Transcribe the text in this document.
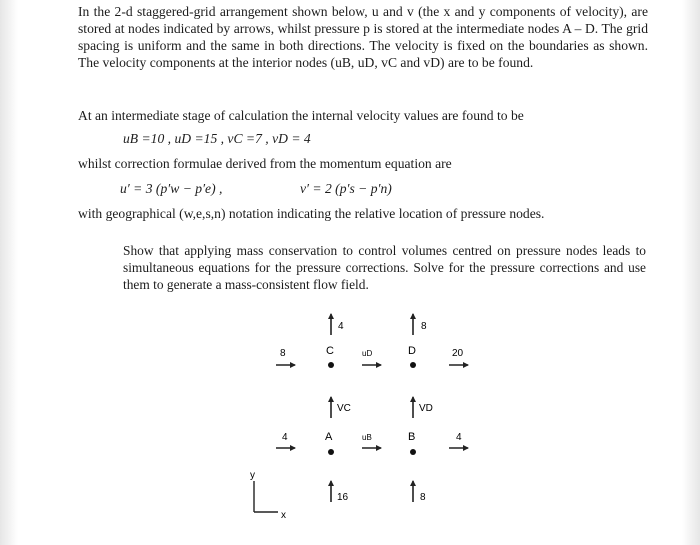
In the 2-d staggered-grid arrangement shown below, u and v (the x and y components of velocity), are stored at nodes indicated by arrows, whilst pressure p is stored at the intermediate nodes A – D. The grid spacing is uniform and the same in both directions. The velocity is fixed on the boundaries as shown. The velocity components at the interior nodes (uB, uD, vC and vD) are to be found.

At an intermediate stage of calculation the internal velocity values are found to be

uB =10 , uD =15 , vC =7 , vD = 4
whilst correction formulae derived from the momentum equation are
u′ = 3 (p′w − p′e) ,	v′ = 2 (p′s − p′n)
with geographical (w,e,s,n) notation indicating the relative location of pressure nodes.

Show that applying mass conservation to control volumes centred on pressure nodes leads to simultaneous equations for the pressure corrections. Solve for the pressure corrections and use them to generate a mass-consistent flow field.

4	8
8	C	uD	D	20
VC	VD
4	A	uB	B	4
16	8
y
x
